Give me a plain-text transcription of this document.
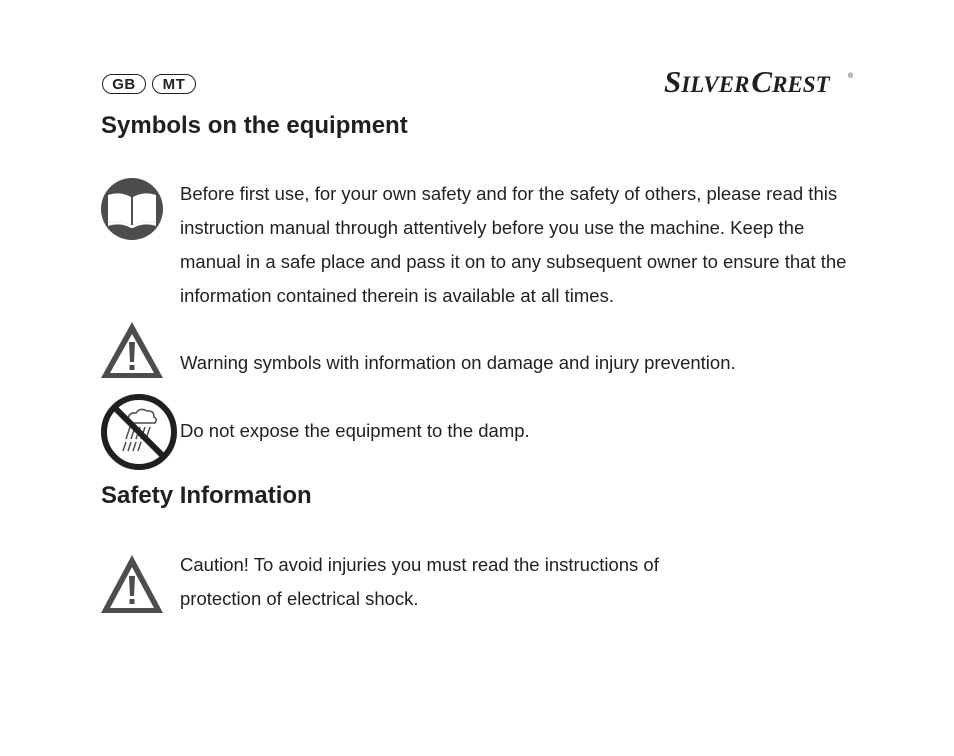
GB	MT	SILVERCREST	®
Symbols on the equipment
Before first use, for your own safety and for the safety of others, please read this instruction manual through attentively before you use the machine. Keep the manual in a safe place and pass it on to any subsequent owner to ensure that the information contained therein is available at all times.
Warning symbols with information on damage and injury prevention.
Do not expose the equipment to the damp.
Safety Information
Caution! To avoid injuries you must read the instructions of protection of electrical shock.
